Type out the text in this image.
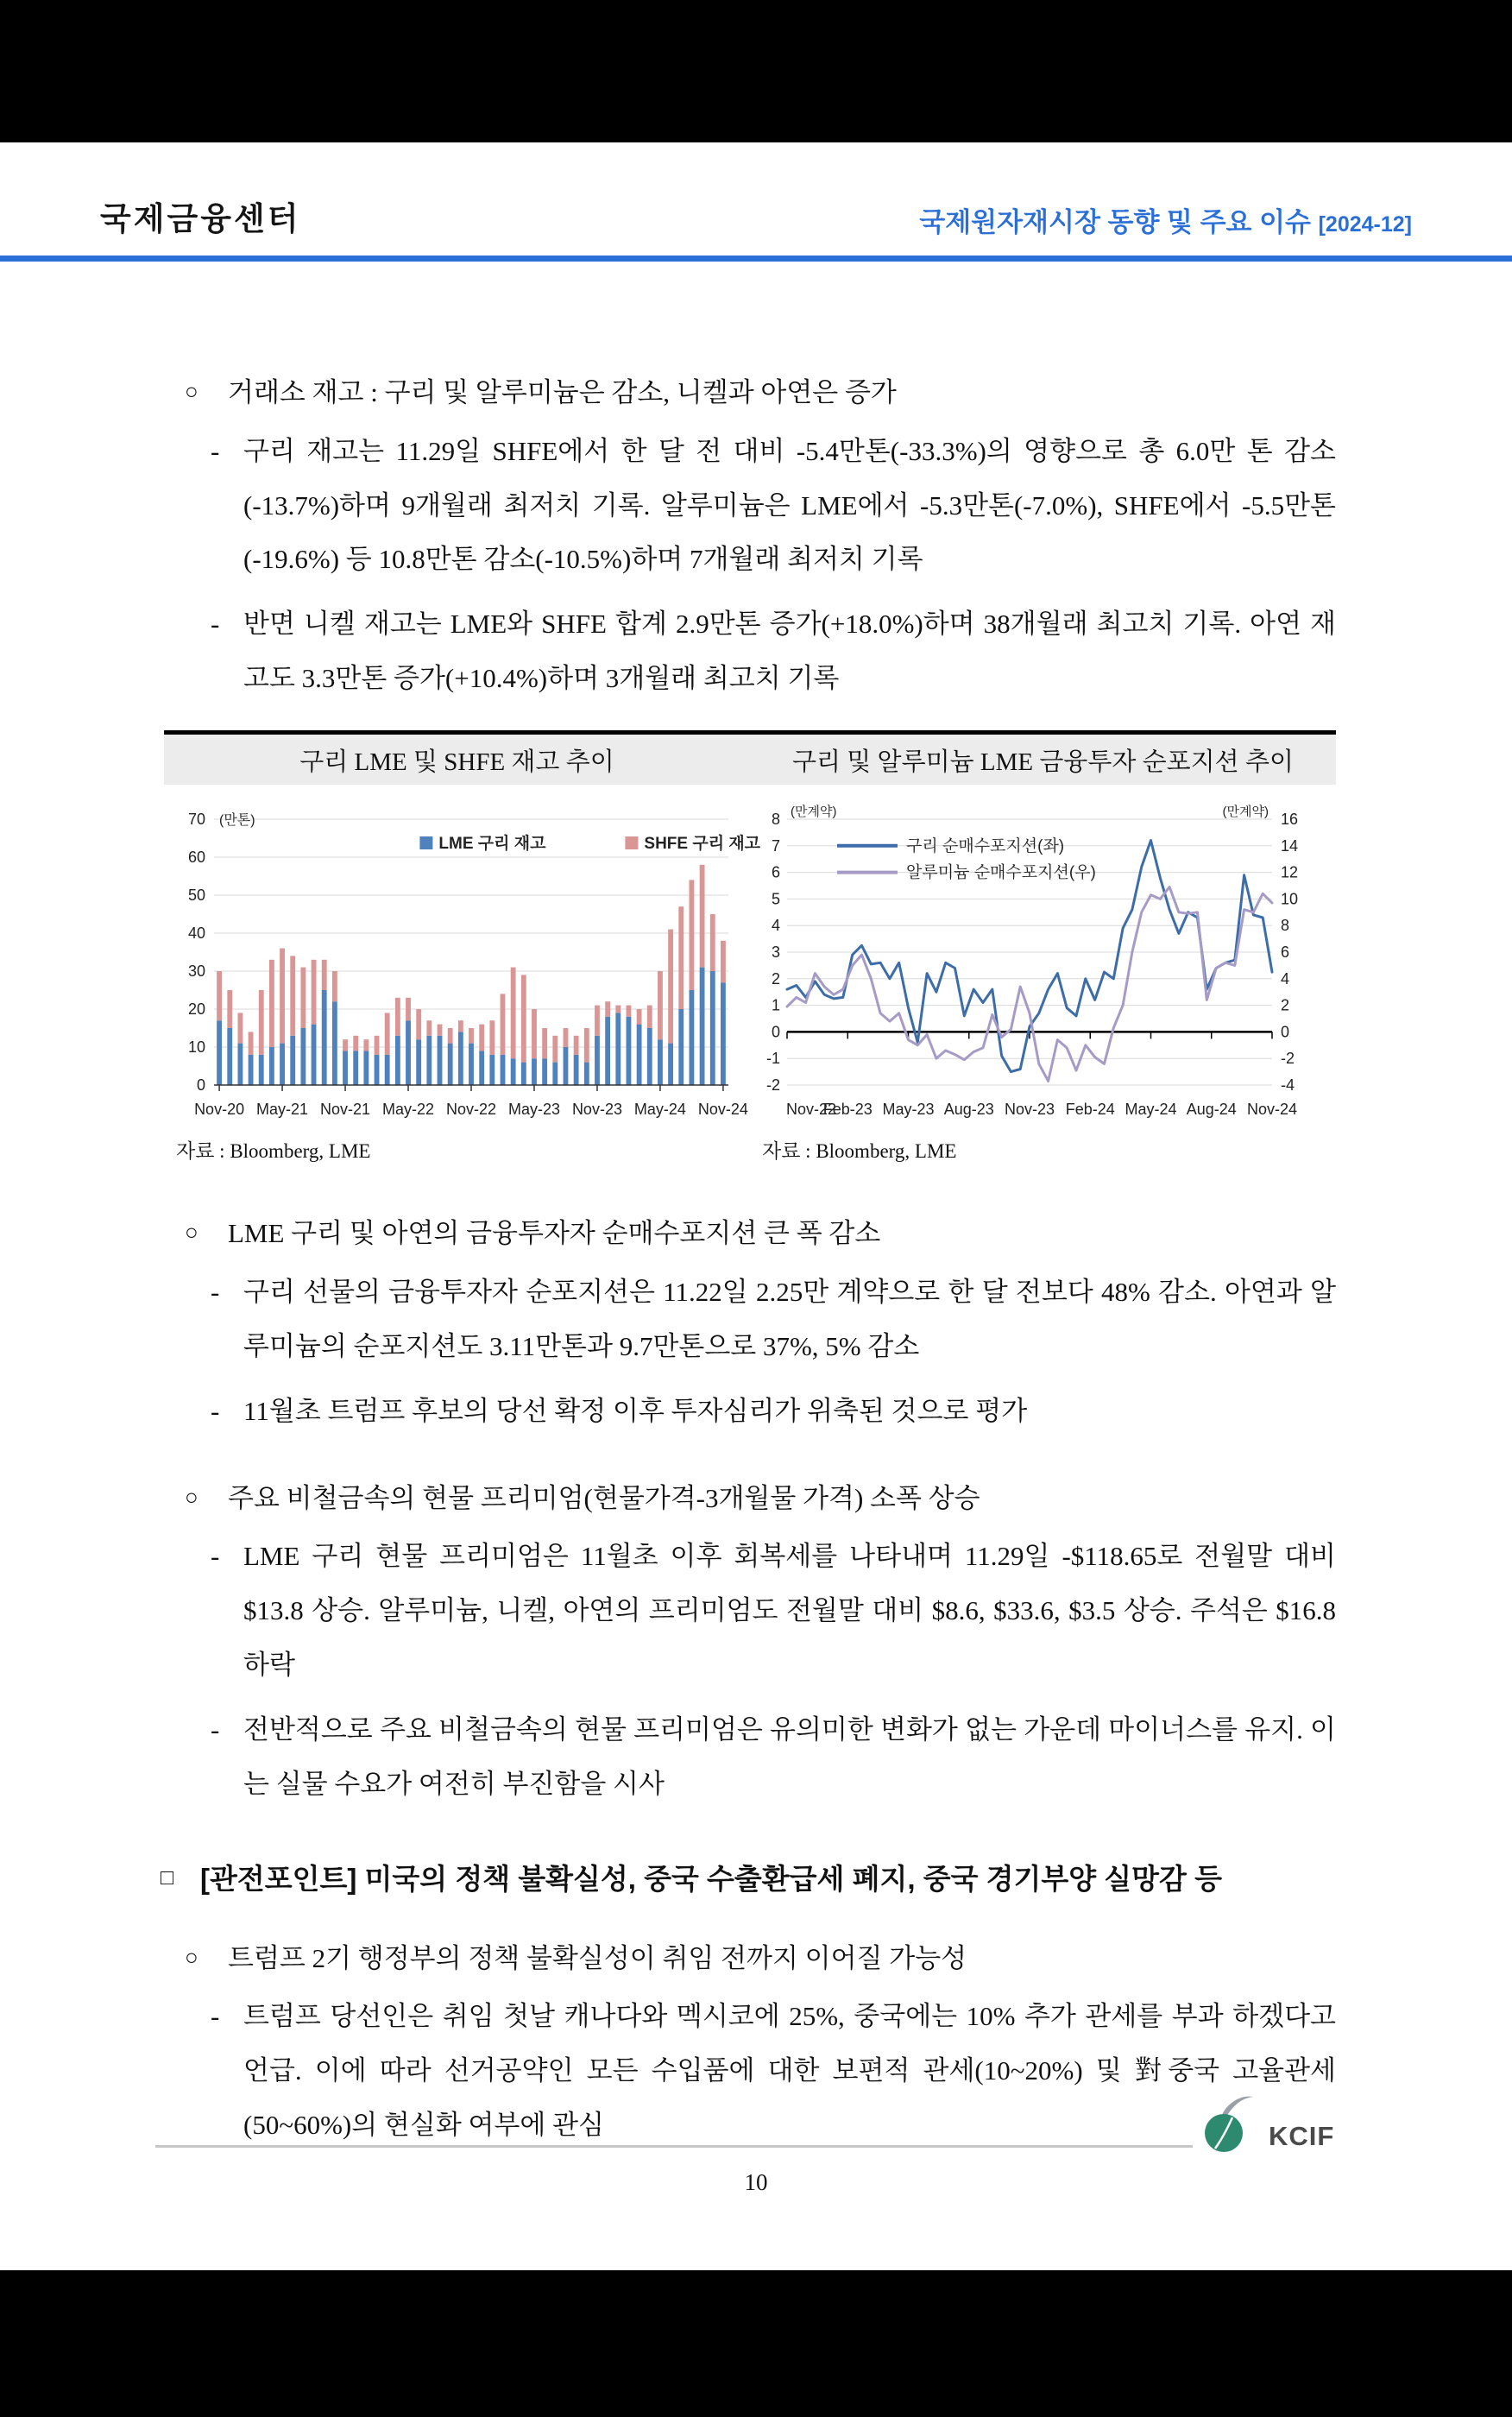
국제금융센터	국제원자재시장 동향 및 주요 이슈 [2024-12]
○ 거래소 재고 : 구리 및 알루미늄은 감소, 니켈과 아연은 증가
- 구리 재고는 11.29일 SHFE에서 한 달 전 대비 -5.4만톤(-33.3%)의 영향으로 총 6.0만 톤 감소(-13.7%)하며 9개월래 최저치 기록. 알루미늄은 LME에서 -5.3만톤(-7.0%), SHFE에서 -5.5만톤(-19.6%) 등 10.8만톤 감소(-10.5%)하며 7개월래 최저치 기록
- 반면 니켈 재고는 LME와 SHFE 합계 2.9만톤 증가(+18.0%)하며 38개월래 최고치 기록. 아연 재고도 3.3만톤 증가(+10.4%)하며 3개월래 최고치 기록
구리 LME 및 SHFE 재고 추이	구리 및 알루미늄 LME 금융투자 순포지션 추이
0
10
20
30
40
50
60
70 (만톤)
Nov-20 May-21 Nov-21 May-22 Nov-22 May-23 Nov-23 May-24 Nov-24
LME 구리 재고	SHFE 구리 재고
-2	-4
-1	-2
0	0
1	2
2	4
3	6
4	8
5	10
6	12
7	14
8	16
(만계약)	(만계약)
Nov-22
Feb-23 May-23 Aug-23 Nov-23 Feb-24 May-24 Aug-24 Nov-24
구리 순매수포지션(좌)
알루미늄 순매수포지션(우)
자료 : Bloomberg, LME	자료 : Bloomberg, LME
○ LME 구리 및 아연의 금융투자자 순매수포지션 큰 폭 감소
- 구리 선물의 금융투자자 순포지션은 11.22일 2.25만 계약으로 한 달 전보다 48% 감소. 아연과 알루미늄의 순포지션도 3.11만톤과 9.7만톤으로 37%, 5% 감소
- 11월초 트럼프 후보의 당선 확정 이후 투자심리가 위축된 것으로 평가
○ 주요 비철금속의 현물 프리미엄(현물가격-3개월물 가격) 소폭 상승
- LME 구리 현물 프리미엄은 11월초 이후 회복세를 나타내며 11.29일 -$118.65로 전월말 대비 $13.8 상승. 알루미늄, 니켈, 아연의 프리미엄도 전월말 대비 $8.6, $33.6, $3.5 상승. 주석은 $16.8 하락
- 전반적으로 주요 비철금속의 현물 프리미엄은 유의미한 변화가 없는 가운데 마이너스를 유지. 이는 실물 수요가 여전히 부진함을 시사
□ [관전포인트] 미국의 정책 불확실성, 중국 수출환급세 폐지, 중국 경기부양 실망감 등
○ 트럼프 2기 행정부의 정책 불확실성이 취임 전까지 이어질 가능성
- 트럼프 당선인은 취임 첫날 캐나다와 멕시코에 25%, 중국에는 10% 추가 관세를 부과 하겠다고 언급. 이에 따라 선거공약인 모든 수입품에 대한 보편적 관세(10~20%) 및 對중국 고율관세(50~60%)의 현실화 여부에 관심	KCIF
10
